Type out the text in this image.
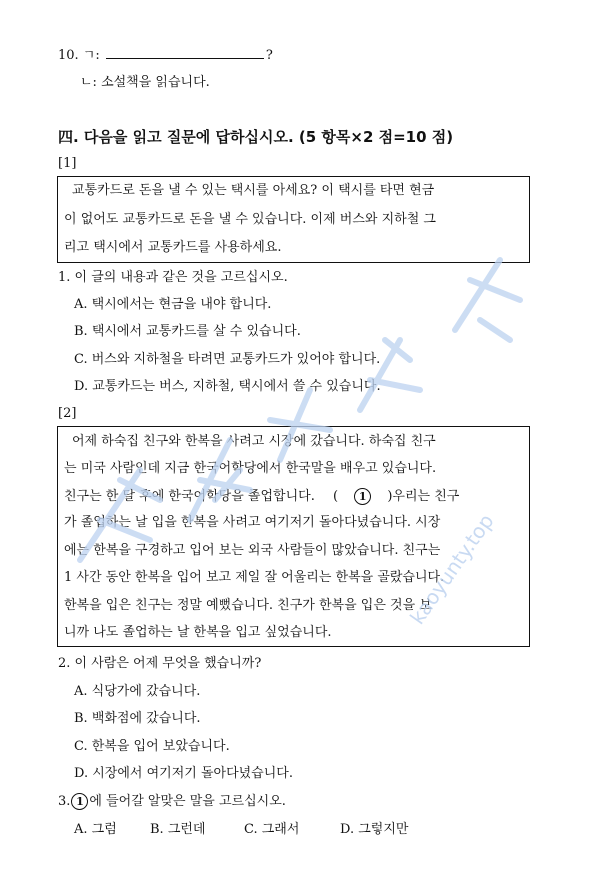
10. ㄱ:	?
ㄴ: 소설책을 읽습니다.
四. 다음을 읽고 질문에 답하십시오. (5 항목×2 점=10 점)
[1]
교통카드로 돈을 낼 수 있는 택시를 아세요? 이 택시를 타면 현금
이 없어도 교통카드로 돈을 낼 수 있습니다. 이제 버스와 지하철 그
리고 택시에서 교통카드를 사용하세요.
1. 이 글의 내용과 같은 것을 고르십시오.
A. 택시에서는 현금을 내야 합니다.
B. 택시에서 교통카드를 살 수 있습니다.
C. 버스와 지하철을 타려면 교통카드가 있어야 합니다.
D. 교통카드는 버스, 지하철, 택시에서 쓸 수 있습니다.
[2]
어제 하숙집 친구와 한복을 사려고 시장에 갔습니다. 하숙집 친구
는 미국 사람인데 지금 한국어학당에서 한국말을 배우고 있습니다.
친구는 한 달 후에 한국어학당을 졸업합니다. ( 1 )우리는 친구
가 졸업하는 날 입을 한복을 사려고 여기저기 돌아다녔습니다. 시장
에는 한복을 구경하고 입어 보는 외국 사람들이 많았습니다. 친구는
1 사간 동안 한복을 입어 보고 제일 잘 어울리는 한복을 골랐습니다.
한복을 입은 친구는 정말 예뻤습니다. 친구가 한복을 입은 것을 보
니까 나도 졸업하는 날 한복을 입고 싶었습니다.
2. 이 사람은 어제 무엇을 했습니까?
A. 식당가에 갔습니다.
B. 백화점에 갔습니다.
C. 한복을 입어 보았습니다.
D. 시장에서 여기저기 돌아다녔습니다.
3. 1 에 들어갈 알맞은 말을 고르십시오.
A. 그럼	B. 그런데	C. 그래서	D. 그렇지만
kaoyunty.top
